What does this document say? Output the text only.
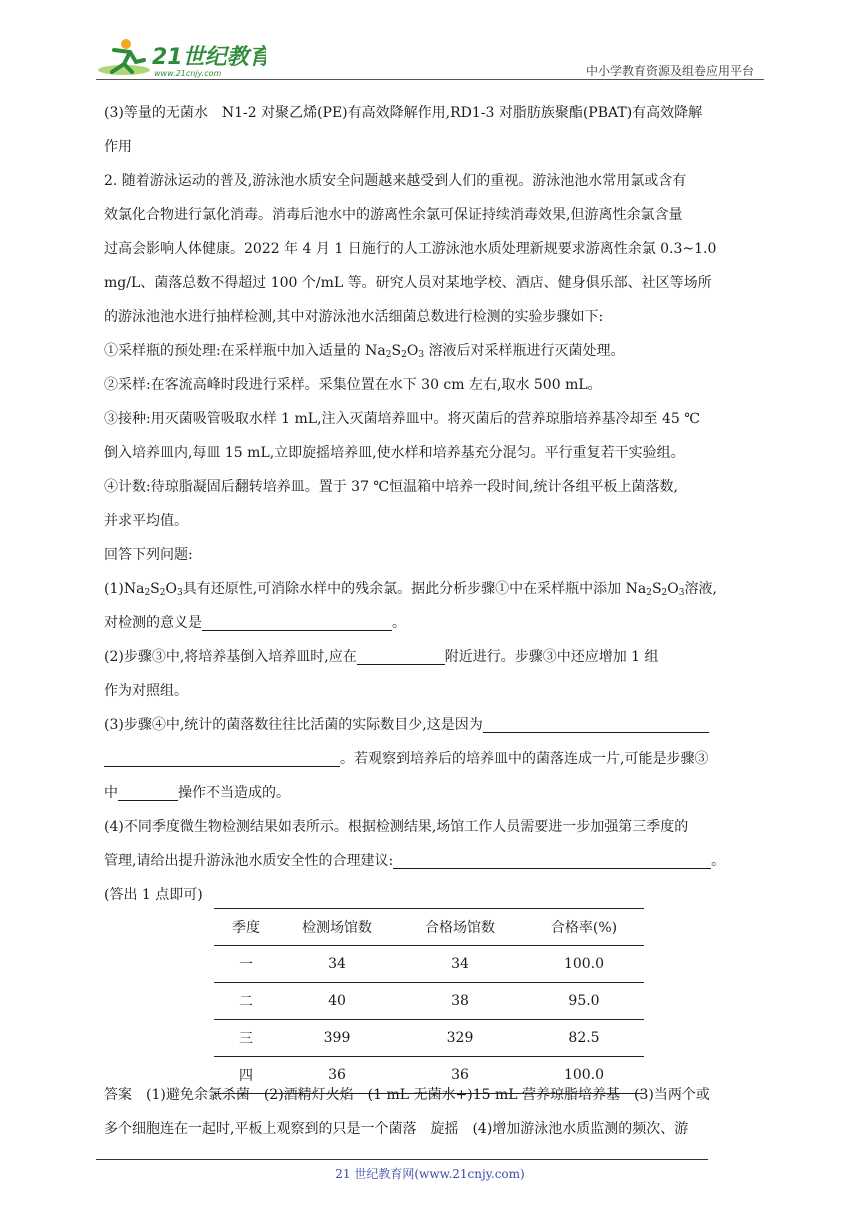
21世纪教育
www.21cnjy.com	中小学教育资源及组卷应用平台

(3)等量的无菌水　N1-2 对聚乙烯(PE)有高效降解作用,RD1-3 对脂肪族聚酯(PBAT)有高效降解

作用

2. 随着游泳运动的普及,游泳池水质安全问题越来越受到人们的重视。游泳池池水常用氯或含有

效氯化合物进行氯化消毒。消毒后池水中的游离性余氯可保证持续消毒效果,但游离性余氯含量

过高会影响人体健康。2022 年 4 月 1 日施行的人工游泳池水质处理新规要求游离性余氯 0.3~1.0

mg/L、菌落总数不得超过 100 个/mL 等。研究人员对某地学校、酒店、健身俱乐部、社区等场所

的游泳池池水进行抽样检测,其中对游泳池水活细菌总数进行检测的实验步骤如下:

①采样瓶的预处理:在采样瓶中加入适量的 $Na_2S_2O_3$ 溶液后对采样瓶进行灭菌处理。

②采样:在客流高峰时段进行采样。采集位置在水下 30 cm 左右,取水 500 mL。

③接种:用灭菌吸管吸取水样 1 mL,注入灭菌培养皿中。将灭菌后的营养琼脂培养基冷却至 45 ℃

倒入培养皿内,每皿 15 mL,立即旋摇培养皿,使水样和培养基充分混匀。平行重复若干实验组。

④计数:待琼脂凝固后翻转培养皿。置于 37 ℃恒温箱中培养一段时间,统计各组平板上菌落数,

并求平均值。

回答下列问题:

$(1)Na_2S_2O_3$具有还原性,可消除水样中的残余氯。据此分析步骤①中在采样瓶中添加 $Na_2S_2O_3$溶液,

对检测的意义是	。

(2)步骤③中,将培养基倒入培养皿时,应在	附近进行。步骤③中还应增加 1 组

作为对照组。

(3)步骤④中,统计的菌落数往往比活菌的实际数目少,这是因为

。若观察到培养后的培养皿中的菌落连成一片,可能是步骤③

中	操作不当造成的。

(4)不同季度微生物检测结果如表所示。根据检测结果,场馆工作人员需要进一步加强第三季度的

管理,请给出提升游泳池水质安全性的合理建议:	。

(答出 1 点即可)

季度	检测场馆数	合格场馆数	合格率(%)
一	34	34	100.0
二	40	38	95.0
三	399	329	82.5
四	36	36	100.0

答案　(1)避免余氯杀菌　(2)酒精灯火焰　(1 mL 无菌水+)15 mL 营养琼脂培养基　(3)当两个或

多个细胞连在一起时,平板上观察到的只是一个菌落　旋摇　(4)增加游泳池水质监测的频次、游

21 世纪教育网(www.21cnjy.com)
